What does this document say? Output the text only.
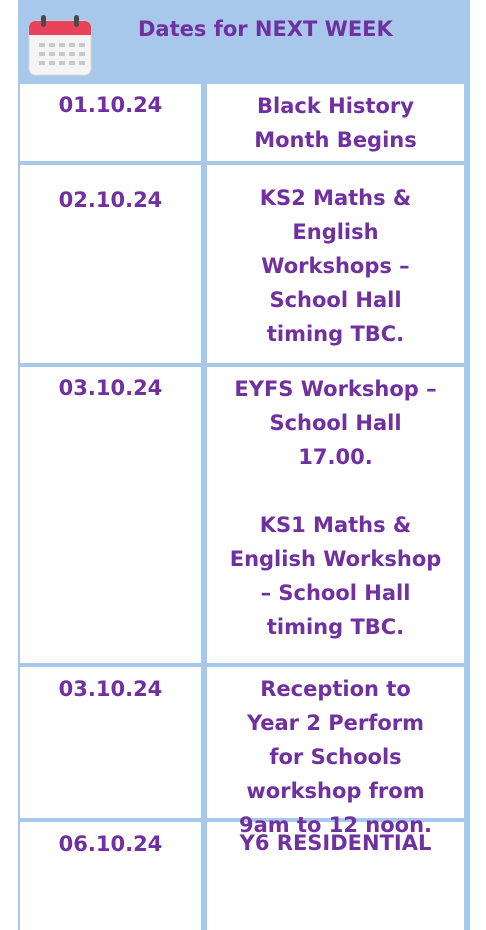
Dates for NEXT WEEK
01.10.24	Black History

Month Begins

02.10.24	KS2 Maths &

English

Workshops –

School Hall

timing TBC.

03.10.24	EYFS Workshop –

School Hall

17.00.

KS1 Maths &

English Workshop

– School Hall

timing TBC.

03.10.24	Reception to

Year 2 Perform

for Schools

workshop from

9am to 12 noon.

06.10.24	Y6 RESIDENTIAL
